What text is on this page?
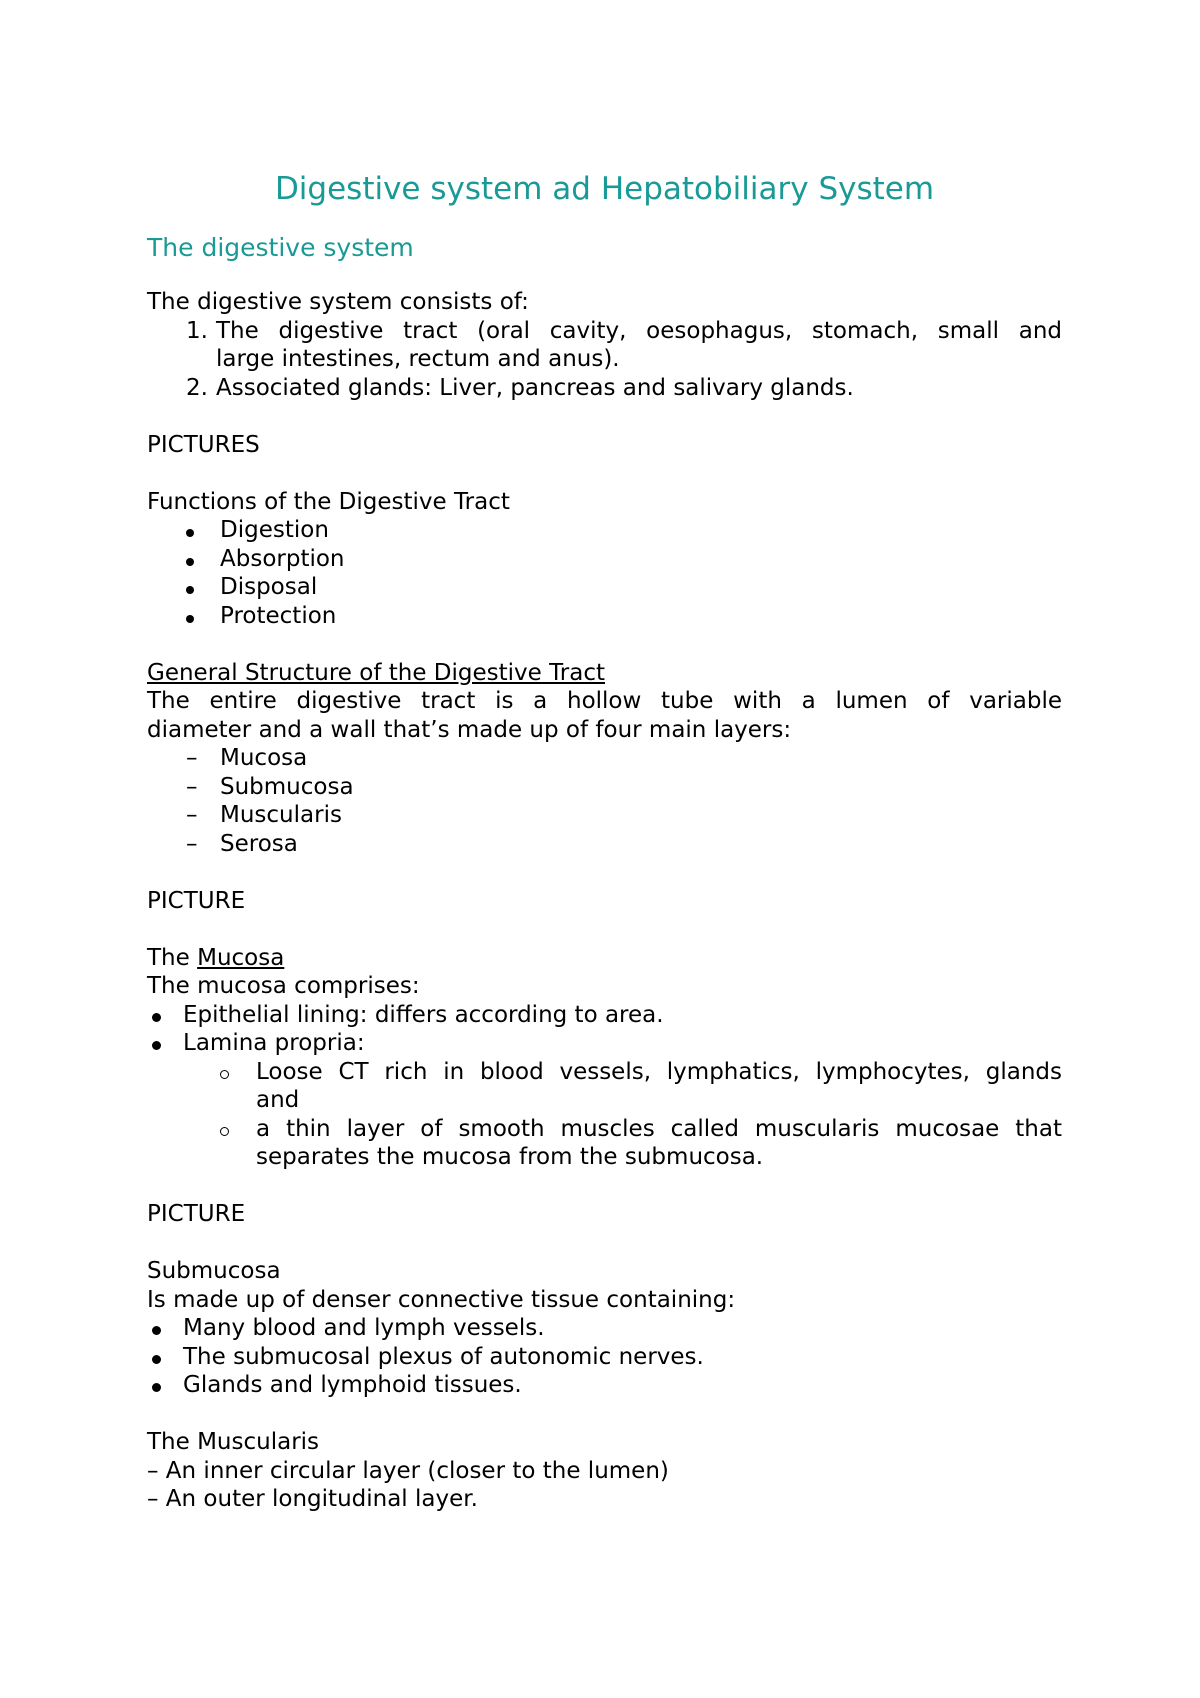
Digestive system ad Hepatobiliary System
The digestive system

The digestive system consists of:

1. The digestive tract (oral cavity, oesophagus, stomach, small and

large intestines, rectum and anus).

2. Associated glands: Liver, pancreas and salivary glands.

PICTURES

Functions of the Digestive Tract

Digestion
Absorption
Disposal
Protection

General Structure of the Digestive Tract

The entire digestive tract is a hollow tube with a lumen of variable

diameter and a wall that’s made up of four main layers:

– Mucosa
– Submucosa
– Muscularis
– Serosa

PICTURE

The Mucosa

The mucosa comprises:

Epithelial lining: differs according to area.
Lamina propria:

Loose CT rich in blood vessels, lymphatics, lymphocytes, glands

and

a thin layer of smooth muscles called muscularis mucosae that

separates the mucosa from the submucosa.

PICTURE

Submucosa

Is made up of denser connective tissue containing:

Many blood and lymph vessels.
The submucosal plexus of autonomic nerves.
Glands and lymphoid tissues.

The Muscularis

– An inner circular layer (closer to the lumen)

– An outer longitudinal layer.
